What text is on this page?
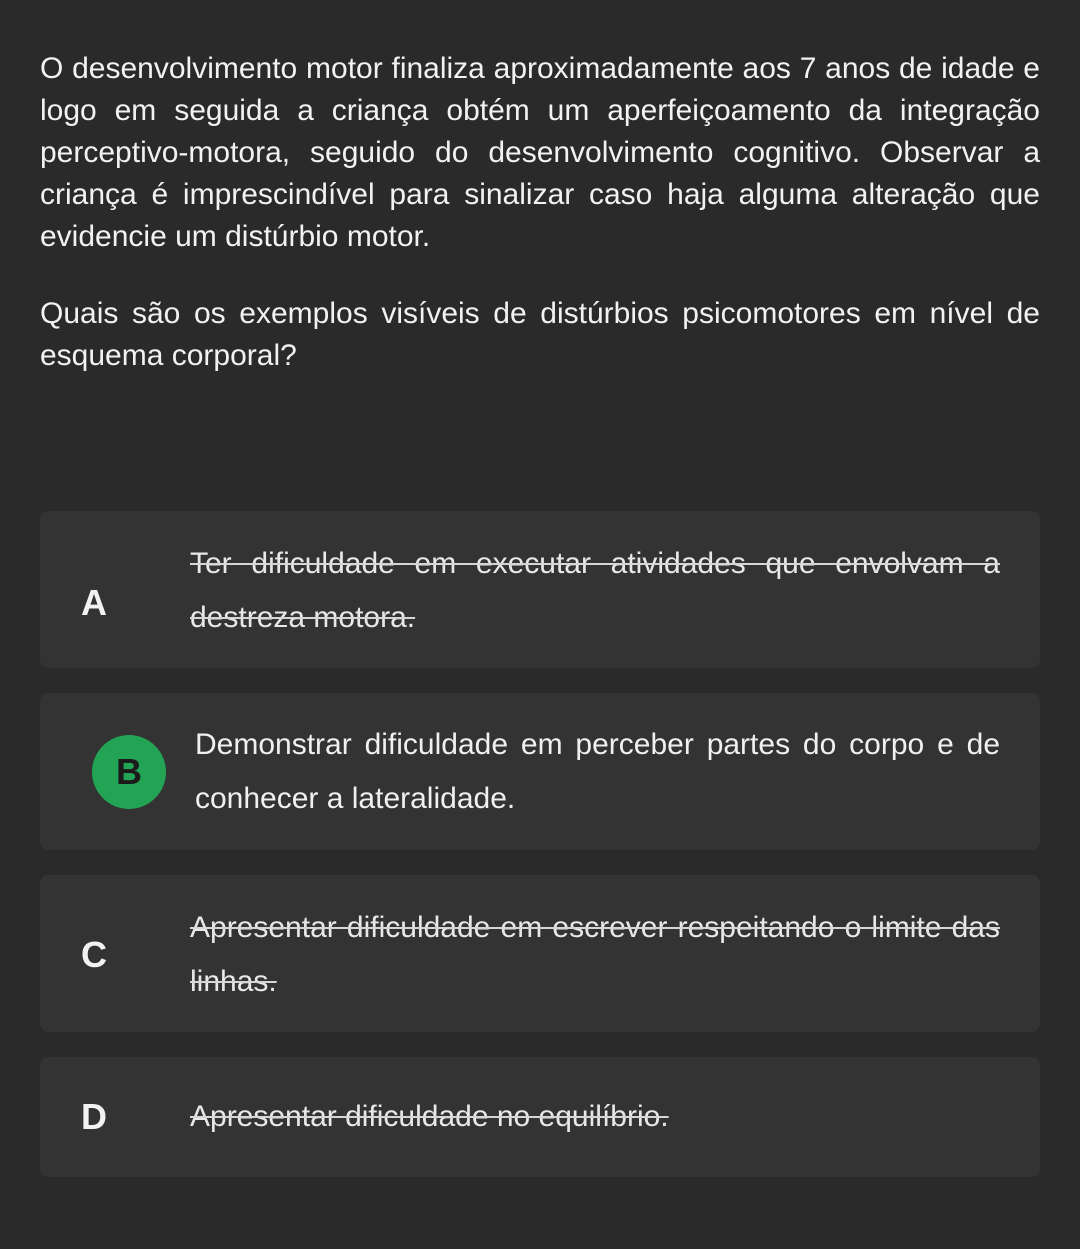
O desenvolvimento motor finaliza aproximadamente aos 7 anos de idade e logo em seguida a criança obtém um aperfeiçoamento da integração perceptivo-motora, seguido do desenvolvimento cognitivo. Observar a criança é imprescindível para sinalizar caso haja alguma alteração que evidencie um distúrbio motor.

Quais são os exemplos visíveis de distúrbios psicomotores em nível de esquema corporal?

A
Ter dificuldade em executar atividades que envolvam a destreza motora.
B
Demonstrar dificuldade em perceber partes do corpo e de conhecer a lateralidade.
C
Apresentar dificuldade em escrever respeitando o limite das linhas.
D	Apresentar dificuldade no equilíbrio.
